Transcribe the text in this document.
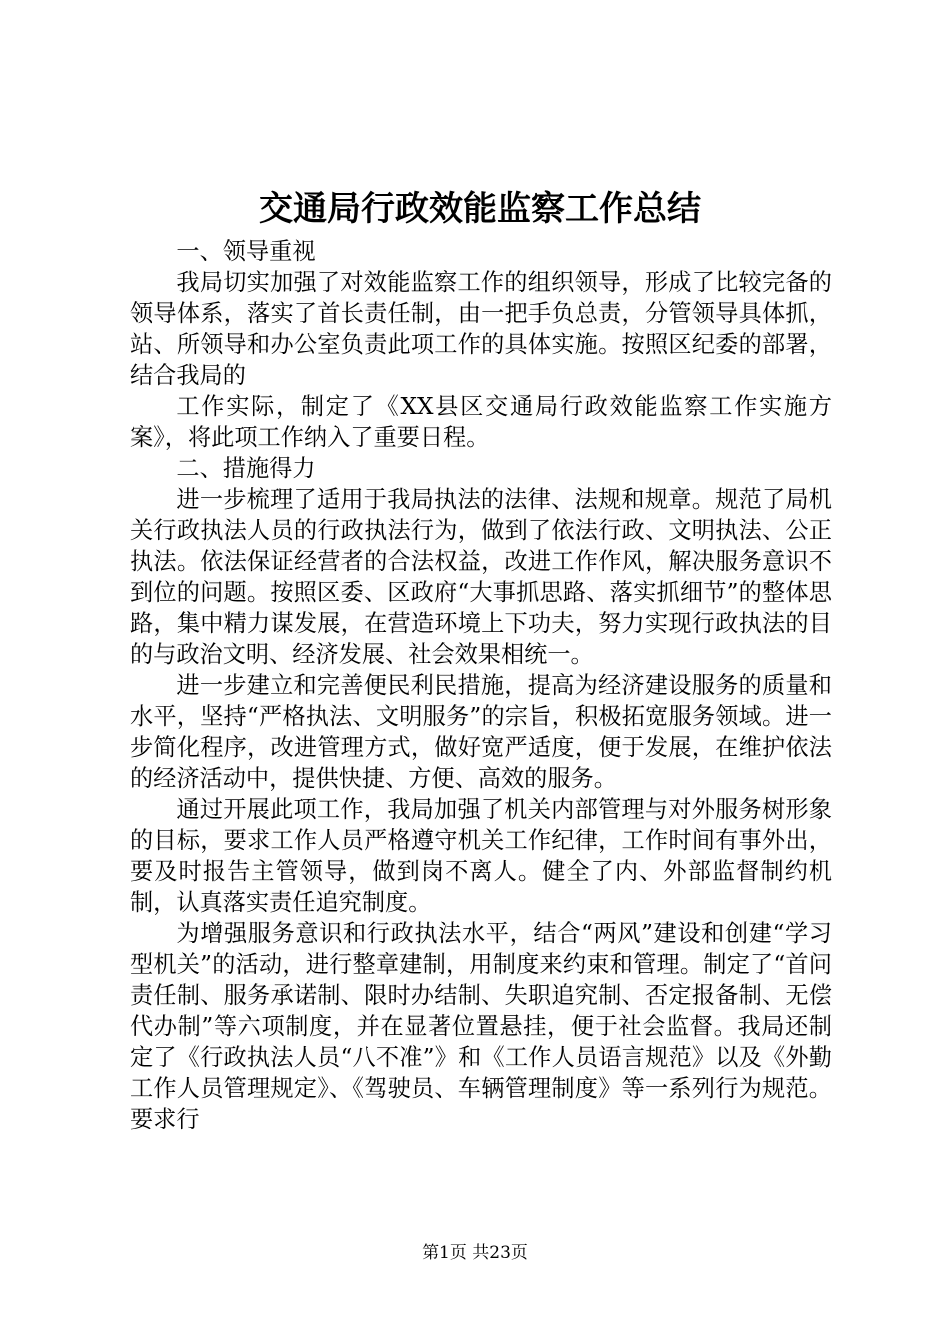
交通局行政效能监察工作总结

一、领导重视

我局切实加强了对效能监察工作的组织领导，形成了比较完备的领导体系，落实了首长责任制，由一把手负总责，分管领导具体抓，站、所领导和办公室负责此项工作的具体实施。按照区纪委的部署，结合我局的

工作实际，制定了《XX县区交通局行政效能监察工作实施方案》，将此项工作纳入了重要日程。

二、措施得力

进一步梳理了适用于我局执法的法律、法规和规章。规范了局机关行政执法人员的行政执法行为，做到了依法行政、文明执法、公正执法。依法保证经营者的合法权益，改进工作作风，解决服务意识不到位的问题。按照区委、区政府“大事抓思路、落实抓细节”的整体思路，集中精力谋发展，在营造环境上下功夫，努力实现行政执法的目的与政治文明、经济发展、社会效果相统一。

进一步建立和完善便民利民措施，提高为经济建设服务的质量和水平，坚持“严格执法、文明服务”的宗旨，积极拓宽服务领域。进一步简化程序，改进管理方式，做好宽严适度，便于发展，在维护依法的经济活动中，提供快捷、方便、高效的服务。

通过开展此项工作，我局加强了机关内部管理与对外服务树形象的目标，要求工作人员严格遵守机关工作纪律，工作时间有事外出，要及时报告主管领导，做到岗不离人。健全了内、外部监督制约机制，认真落实责任追究制度。

为增强服务意识和行政执法水平，结合“两风”建设和创建“学习型机关”的活动，进行整章建制，用制度来约束和管理。制定了“首问责任制、服务承诺制、限时办结制、失职追究制、否定报备制、无偿代办制”等六项制度，并在显著位置悬挂，便于社会监督。我局还制定了《行政执法人员“八不准”》和《工作人员语言规范》以及《外勤工作人员管理规定》、《驾驶员、车辆管理制度》等一系列行为规范。要求行

第1页 共23页
